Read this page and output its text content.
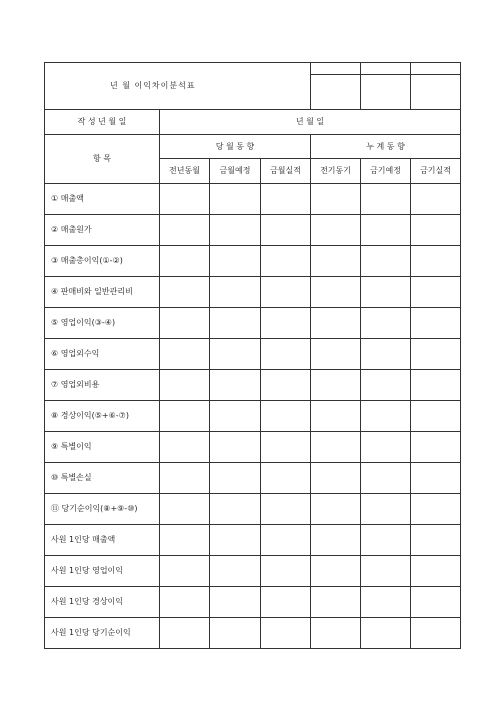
년 월 이익차이분석표						

작 성 년 월 일	년 월 일					
항 목	당 월 동 향			누 계 동 향		
	전년동월	금월예정	금월실적	전기동기	금기예정	금기실적
① 매출액						
② 매출원가						
③ 매출총이익(①-②)						
④ 판매비와 일반관리비						
⑤ 영업이익(③-④)						
⑥ 영업외수익						
⑦ 영업외비용						
⑧ 경상이익(⑤+⑥-⑦)						
⑨ 특별이익						
⑩ 특별손실						
⑪ 당기순이익(⑧+⑨-⑩)						
사원 1인당 매출액						
사원 1인당 영업이익						
사원 1인당 경상이익						
사원 1인당 당기순이익						
